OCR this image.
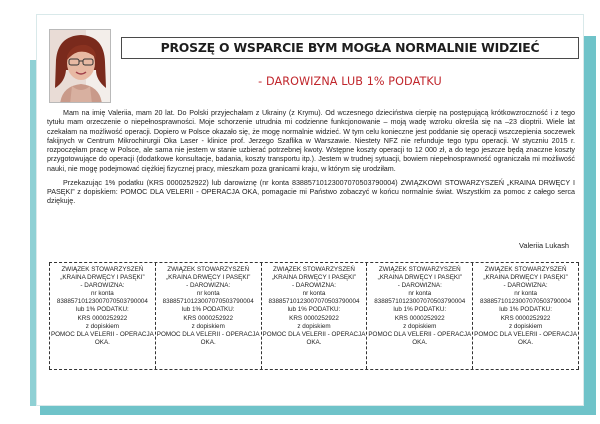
PROSZĘ O WSPARCIE BYM MOGŁA NORMALNIE WIDZIEĆ
- DAROWIZNA LUB 1% PODATKU

Mam na imię Valeriia, mam 20 lat. Do Polski przyjechałam z Ukrainy (z Krymu). Od wczesnego dzieciństwa cierpię na postępującą krótkowzroczność i z tego tytułu mam orzeczenie o niepełnosprawności. Moje schorzenie utrudnia mi codzienne funkcjonowanie – moją wadę wzroku określa się na –23 dioptrii. Wiele lat czekałam na możliwość operacji. Dopiero w Polsce okazało się, że mogę normalnie widzieć. W tym celu konieczne jest poddanie się operacji wszczepienia soczewek fakijnych w Centrum Mikrochirurgii Oka Laser - klinice prof. Jerzego Szaflika w Warszawie. Niestety NFZ nie refunduje tego typu operacji. W styczniu 2015 r. rozpoczęłam pracę w Polsce, ale sama nie jestem w stanie uzbierać potrzebnej kwoty. Wstępne koszty operacji to 12 000 zł, a do tego jeszcze będą znaczne koszty przygotowujące do operacji (dodatkowe konsultacje, badania, koszty transportu itp.). Jestem w trudnej sytuacji, bowiem niepełnosprawność ograniczała mi możliwość nauki, nie mogę podejmować ciężkiej fizycznej pracy, mieszkam poza granicami kraju, w którym się urodziłam.

Przekazując 1% podatku (KRS 0000252922) lub darowiznę (nr konta 83885710123007070503790004) ZWIĄZKOWI STOWARZYSZEŃ „KRAINA DRWĘCY I PASĘKI” z dopiskiem: POMOC DLA VELERII - OPERACJA OKA, pomagacie mi Państwo zobaczyć w końcu normalnie świat. Wszystkim za pomoc z całego serca dziękuję.

Valeriia Lukash
ZWIĄZEK STOWARZYSZEŃ
„KRAINA DRWĘCY I PASĘKI”
- DAROWIZNA:
nr konta
83885710123007070503790004
lub 1% PODATKU:
KRS 0000252922
z dopiskiem
POMOC DLA VELERII - OPERACJA
OKA.
ZWIĄZEK STOWARZYSZEŃ
„KRAINA DRWĘCY I PASĘKI”
- DAROWIZNA:
nr konta
83885710123007070503790004
lub 1% PODATKU:
KRS 0000252922
z dopiskiem
POMOC DLA VELERII - OPERACJA
OKA.
ZWIĄZEK STOWARZYSZEŃ
„KRAINA DRWĘCY I PASĘKI”
- DAROWIZNA:
nr konta
83885710123007070503790004
lub 1% PODATKU:
KRS 0000252922
z dopiskiem
POMOC DLA VELERII - OPERACJA
OKA.
ZWIĄZEK STOWARZYSZEŃ
„KRAINA DRWĘCY I PASĘKI”
- DAROWIZNA:
nr konta
83885710123007070503790004
lub 1% PODATKU:
KRS 0000252922
z dopiskiem
POMOC DLA VELERII - OPERACJA
OKA.
ZWIĄZEK STOWARZYSZEŃ
„KRAINA DRWĘCY I PASĘKI”
- DAROWIZNA:
nr konta
83885710123007070503790004
lub 1% PODATKU:
KRS 0000252922
z dopiskiem
POMOC DLA VELERII - OPERACJA
OKA.
